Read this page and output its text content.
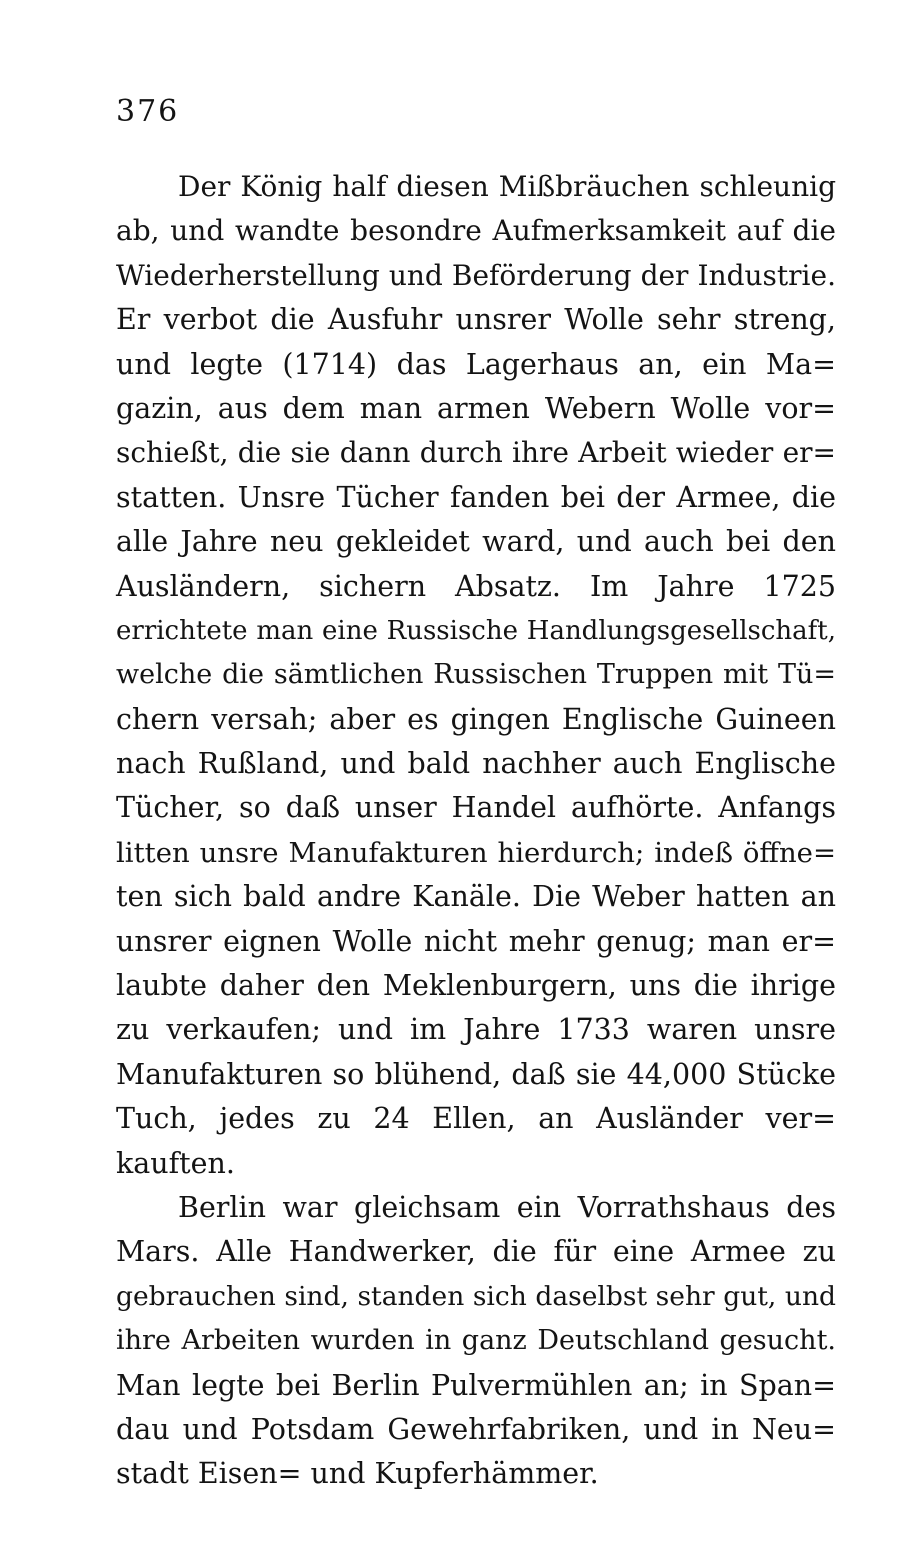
376
Der König half diesen Mißbräuchen schleunig
ab, und wandte besondre Aufmerksamkeit auf die
Wiederherstellung und Beförderung der Industrie.
Er verbot die Ausfuhr unsrer Wolle sehr streng,
und legte (1714) das Lagerhaus an, ein Ma=
gazin, aus dem man armen Webern Wolle vor=
schießt, die sie dann durch ihre Arbeit wieder er=
statten. Unsre Tücher fanden bei der Armee, die
alle Jahre neu gekleidet ward, und auch bei den
Ausländern, sichern Absatz. Im Jahre 1725
errichtete man eine Russische Handlungsgesellschaft,
welche die sämtlichen Russischen Truppen mit Tü=
chern versah; aber es gingen Englische Guineen
nach Rußland, und bald nachher auch Englische
Tücher, so daß unser Handel aufhörte. Anfangs
litten unsre Manufakturen hierdurch; indeß öffne=
ten sich bald andre Kanäle. Die Weber hatten an
unsrer eignen Wolle nicht mehr genug; man er=
laubte daher den Meklenburgern, uns die ihrige
zu verkaufen; und im Jahre 1733 waren unsre
Manufakturen so blühend, daß sie 44,000 Stücke
Tuch, jedes zu 24 Ellen, an Ausländer ver=
kauften.
Berlin war gleichsam ein Vorrathshaus des
Mars. Alle Handwerker, die für eine Armee zu
gebrauchen sind, standen sich daselbst sehr gut, und
ihre Arbeiten wurden in ganz Deutschland gesucht.
Man legte bei Berlin Pulvermühlen an; in Span=
dau und Potsdam Gewehrfabriken, und in Neu=
stadt Eisen= und Kupferhämmer.
